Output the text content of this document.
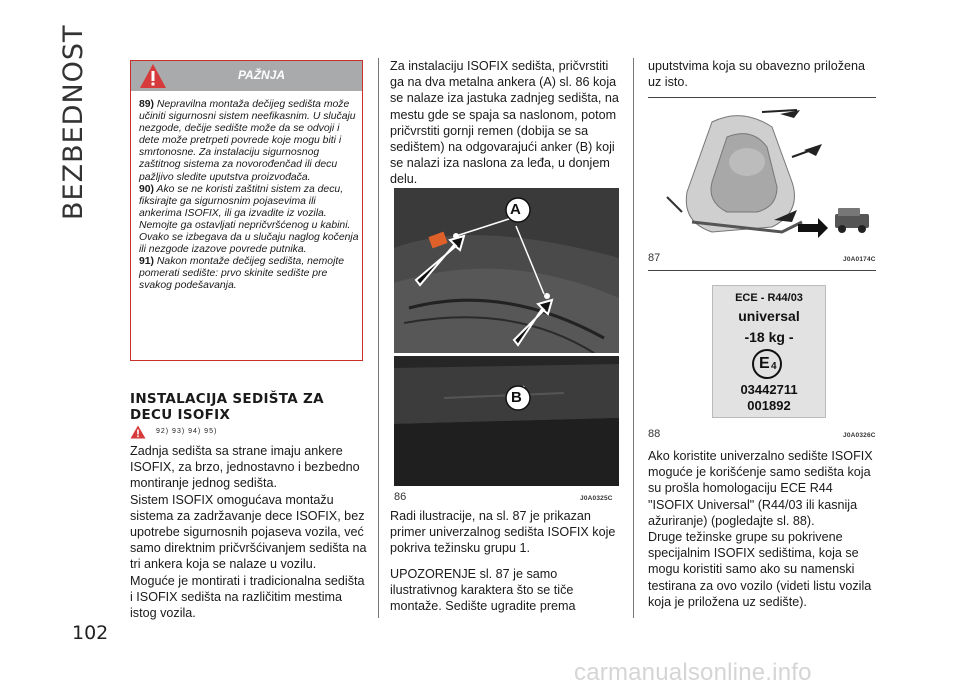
BEZBEDNOST	PAŽNJA

89) Nepravilna montaža dečijeg sedišta može učiniti sigurnosni sistem neefikasnim. U slučaju nezgode, dečije sedište može da se odvoji i dete može pretrpeti povrede koje mogu biti i smrtonosne. Za instalaciju sigurnosnog zaštitnog sistema za novorođenčad ili decu pažljivo sledite uputstva proizvođača.

90) Ako se ne koristi zaštitni sistem za decu, fiksirajte ga sigurnosnim pojasevima ili ankerima ISOFIX, ili ga izvadite iz vozila. Nemojte ga ostavljati nepričvršćenog u kabini. Ovako se izbegava da u slučaju naglog kočenja ili nezgode izazove povrede putnika.

91) Nakon montaže dečijeg sedišta, nemojte pomerati sedište: prvo skinite sedište pre svakog podešavanja.

INSTALACIJA SEDIŠTA ZA DECU ISOFIX
92) 93) 94) 95)

Zadnja sedišta sa strane imaju ankere ISOFIX, za brzo, jednostavno i bezbedno montiranje jednog sedišta.

Sistem ISOFIX omogućava montažu sistema za zadržavanje dece ISOFIX, bez upotrebe sigurnosnih pojaseva vozila, već samo direktnim pričvršćivanjem sedišta na tri ankera koja se nalaze u vozilu.

Moguće je montirati i tradicionalna sedišta i ISOFIX sedišta na različitim mestima istog vozila.

102
Za instalaciju ISOFIX sedišta, pričvrstiti ga na dva metalna ankera (A) sl. 86 koja se nalaze iza jastuka zadnjeg sedišta, na mestu gde se spaja sa naslonom, potom pričvrstiti gornji remen (dobija se sa sedištem) na odgovarajući anker (B) koji se nalazi iza naslona za leđa, u donjem delu.
A
B
86	J0A0325C

Radi ilustracije, na sl. 87 je prikazan primer univerzalnog sedišta ISOFIX koje pokriva težinsku grupu 1.

UPOZORENJE sl. 87 je samo ilustrativnog karaktera što se tiče montaže. Sedište ugradite prema

uputstvima koja su obavezno priložena uz isto.
87	J0A0174C
ECE - R44/03
universal
-18 kg -
E 4
03442711
001892
88	J0A0326C

Ako koristite univerzalno sedište ISOFIX moguće je korišćenje samo sedišta koja su prošla homologaciju ECE R44 "ISOFIX Universal" (R44/03 ili kasnija ažuriranje) (pogledajte sl. 88).

Druge težinske grupe su pokrivene specijalnim ISOFIX sedištima, koja se mogu koristiti samo ako su namenski testirana za ovo vozilo (videti listu vozila koja je priložena uz sedište).

carmanualsonline.info
